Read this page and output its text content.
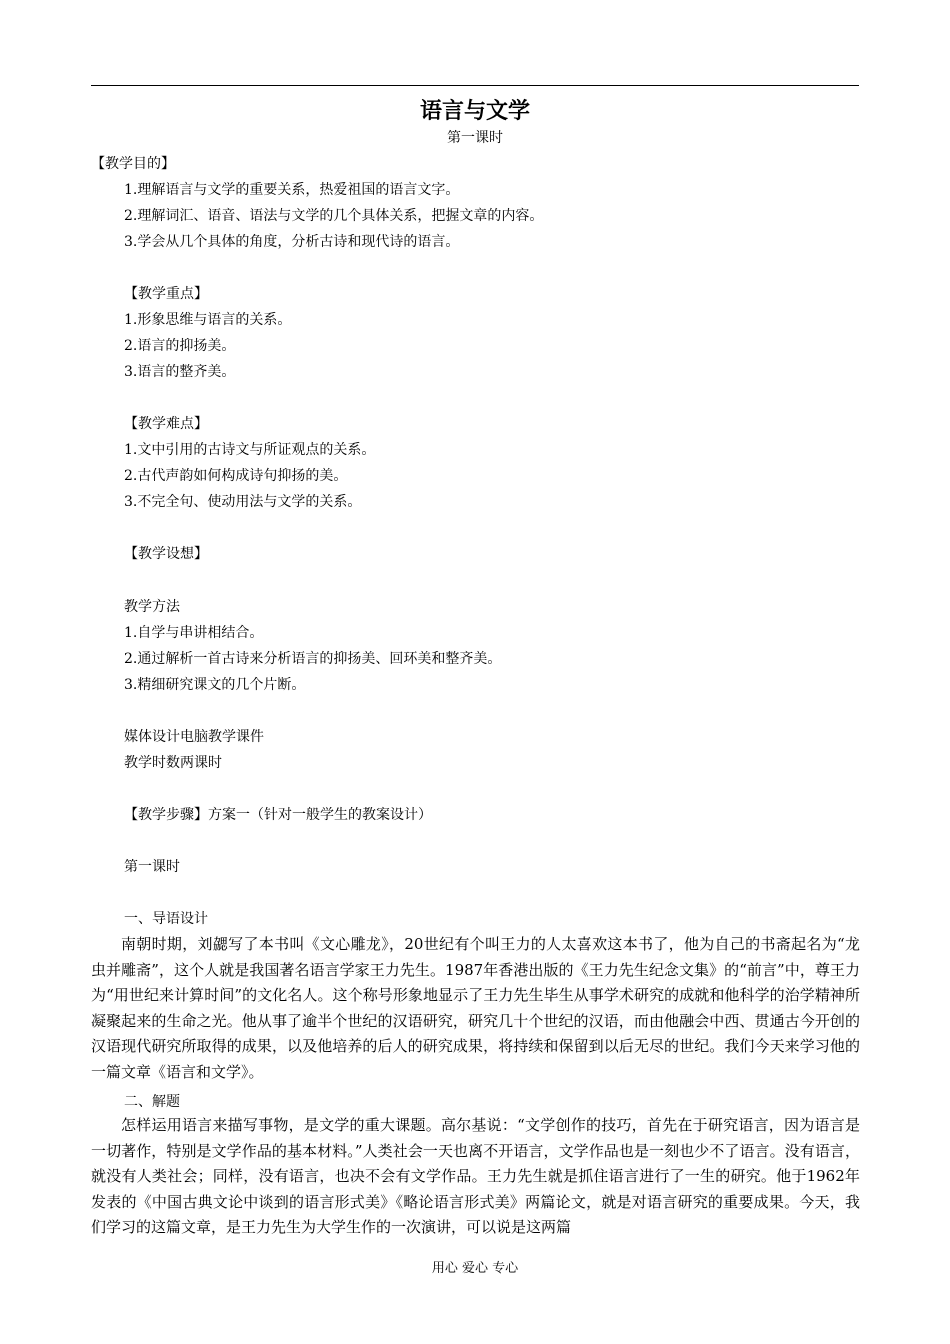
语言与文学
第一课时
【教学目的】
1.理解语言与文学的重要关系，热爱祖国的语言文字。
2.理解词汇、语音、语法与文学的几个具体关系，把握文章的内容。
3.学会从几个具体的角度，分析古诗和现代诗的语言。
【教学重点】
1.形象思维与语言的关系。
2.语言的抑扬美。
3.语言的整齐美。
【教学难点】
1.文中引用的古诗文与所证观点的关系。
2.古代声韵如何构成诗句抑扬的美。
3.不完全句、使动用法与文学的关系。
【教学设想】
教学方法
1.自学与串讲相结合。
2.通过解析一首古诗来分析语言的抑扬美、回环美和整齐美。
3.精细研究课文的几个片断。
媒体设计电脑教学课件
教学时数两课时
【教学步骤】方案一（针对一般学生的教案设计）
第一课时
一、导语设计
南朝时期，刘勰写了本书叫《文心雕龙》，20世纪有个叫王力的人太喜欢这本书了，他为自己的书斋起名为“龙虫并雕斋”，这个人就是我国著名语言学家王力先生。1987年香港出版的《王力先生纪念文集》的“前言”中，尊王力为“用世纪来计算时间”的文化名人。这个称号形象地显示了王力先生毕生从事学术研究的成就和他科学的治学精神所凝聚起来的生命之光。他从事了逾半个世纪的汉语研究，研究几十个世纪的汉语，而由他融会中西、贯通古今开创的汉语现代研究所取得的成果，以及他培养的后人的研究成果，将持续和保留到以后无尽的世纪。我们今天来学习他的一篇文章《语言和文学》。
二、解题
怎样运用语言来描写事物，是文学的重大课题。高尔基说：“文学创作的技巧，首先在于研究语言，因为语言是一切著作，特别是文学作品的基本材料。”人类社会一天也离不开语言，文学作品也是一刻也少不了语言。没有语言，就没有人类社会；同样，没有语言，也决不会有文学作品。王力先生就是抓住语言进行了一生的研究。他于1962年发表的《中国古典文论中谈到的语言形式美》《略论语言形式美》两篇论文，就是对语言研究的重要成果。今天，我们学习的这篇文章，是王力先生为大学生作的一次演讲，可以说是这两篇
用心 爱心 专心
